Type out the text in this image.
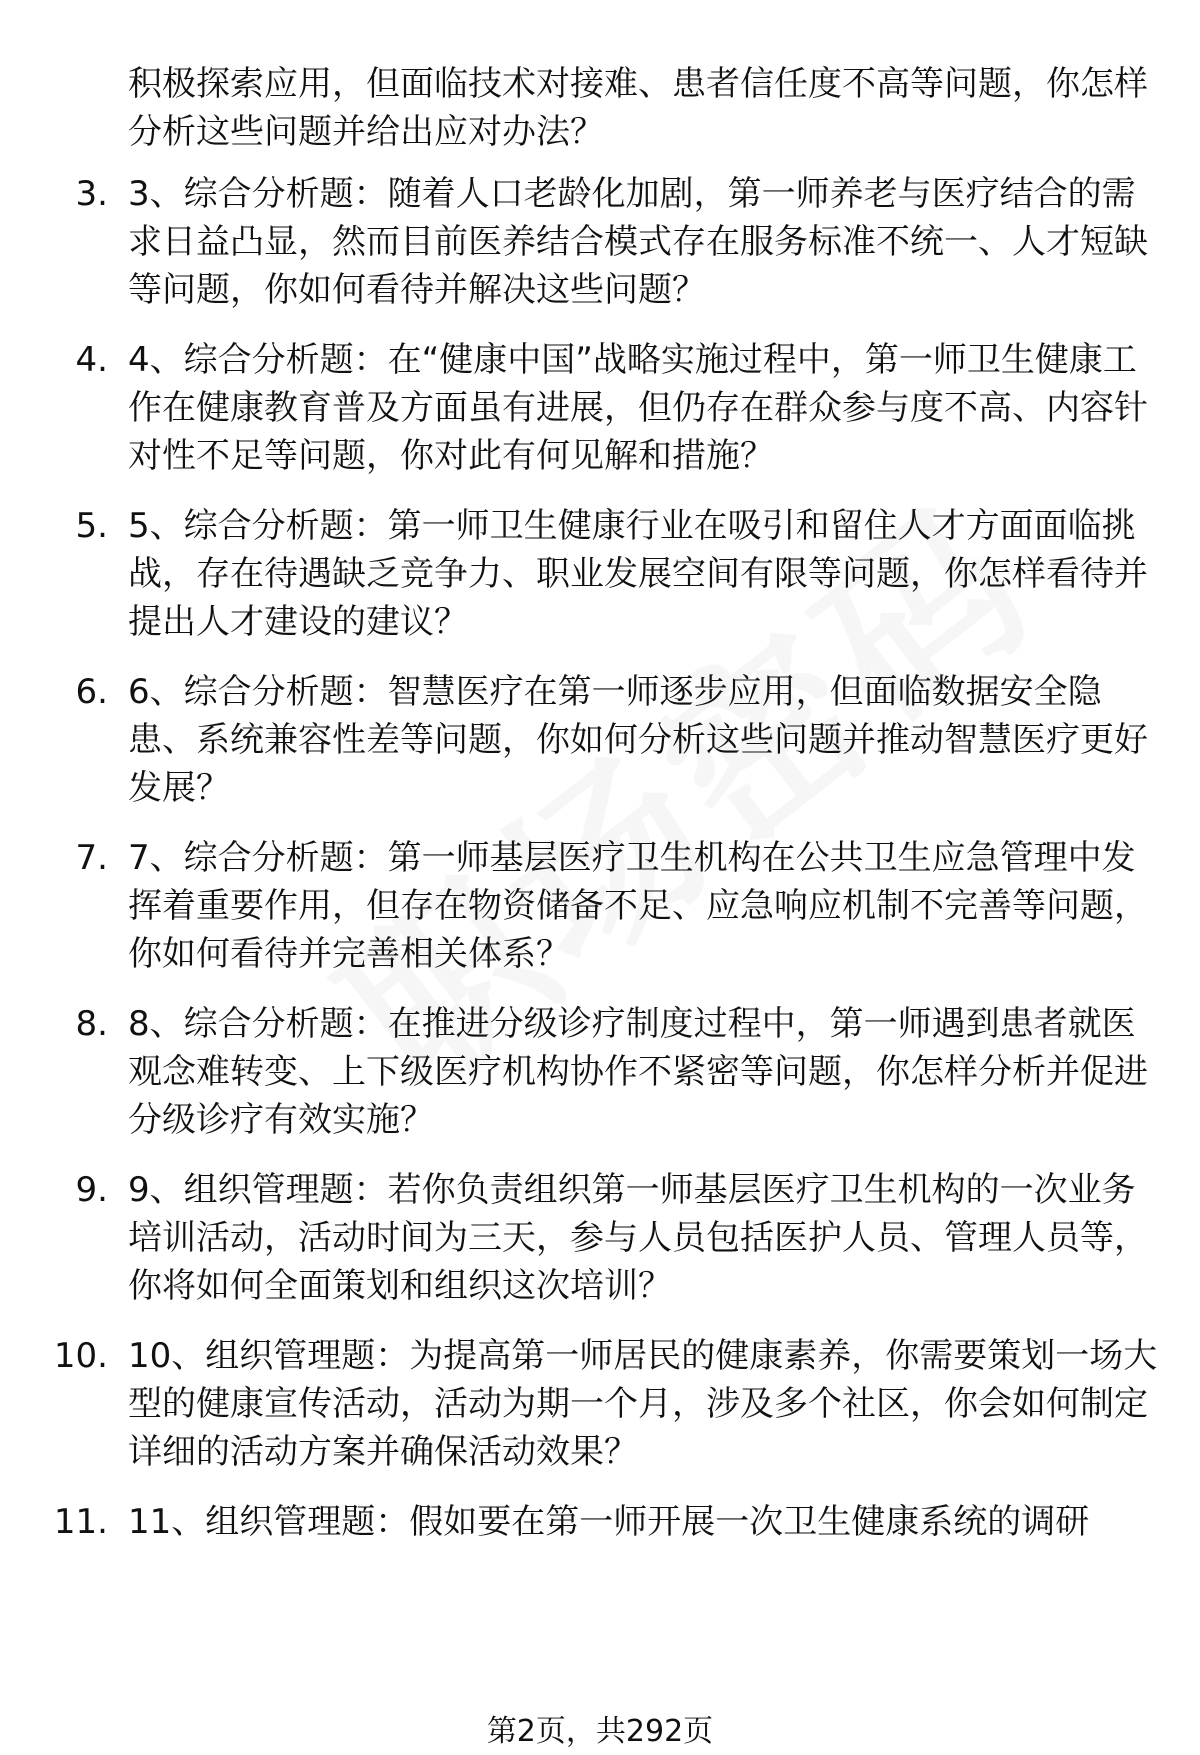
积极探索应用，但面临技术对接难、患者信任度不高等问题，你怎样分析这些问题并给出应对办法？
3. 3、综合分析题：随着人口老龄化加剧，第一师养老与医疗结合的需求日益凸显，然而目前医养结合模式存在服务标准不统一、人才短缺等问题，你如何看待并解决这些问题？
4. 4、综合分析题：在“健康中国”战略实施过程中，第一师卫生健康工作在健康教育普及方面虽有进展，但仍存在群众参与度不高、内容针对性不足等问题，你对此有何见解和措施？
5. 5、综合分析题：第一师卫生健康行业在吸引和留住人才方面面临挑战，存在待遇缺乏竞争力、职业发展空间有限等问题，你怎样看待并提出人才建设的建议？
6. 6、综合分析题：智慧医疗在第一师逐步应用，但面临数据安全隐患、系统兼容性差等问题，你如何分析这些问题并推动智慧医疗更好发展？
7. 7、综合分析题：第一师基层医疗卫生机构在公共卫生应急管理中发挥着重要作用，但存在物资储备不足、应急响应机制不完善等问题，你如何看待并完善相关体系？
8. 8、综合分析题：在推进分级诊疗制度过程中，第一师遇到患者就医观念难转变、上下级医疗机构协作不紧密等问题，你怎样分析并促进分级诊疗有效实施？
9. 9、组织管理题：若你负责组织第一师基层医疗卫生机构的一次业务培训活动，活动时间为三天，参与人员包括医护人员、管理人员等，你将如何全面策划和组织这次培训？
10. 10、组织管理题：为提高第一师居民的健康素养，你需要策划一场大型的健康宣传活动，活动为期一个月，涉及多个社区，你会如何制定详细的活动方案并确保活动效果？
11. 11、组织管理题：假如要在第一师开展一次卫生健康系统的调研
第2页，共292页
